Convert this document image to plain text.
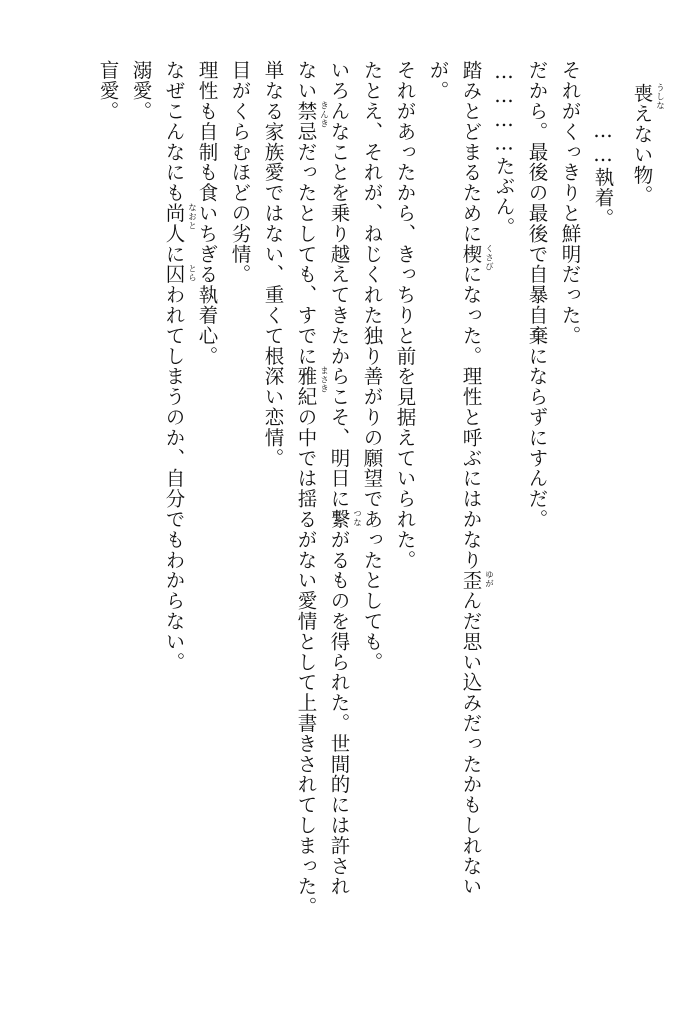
喪 うしな
えない物。
……執着。
それがくっきりと鮮明だった。
だから。最後の最後で自暴自棄にならずにすんだ。
…………たぶん。
踏みとどまるために楔 くさび
になった。理性と呼ぶにはかなり歪 ゆが
んだ思い込みだったかもしれない
が。
それがあったから、きっちりと前を見据えていられた。
たとえ、それが、ねじくれた独り善がりの願望であったとしても。
いろんなことを乗り越えてきたからこそ、明日に繋 つな
がるものを得られた。世間的には許され
ない禁忌 きんき
だったとしても、すでに雅紀 まさき
の中では揺るがない愛情として上書きされてしまった。
単なる家族愛ではない、重くて根深い恋情。
目がくらむほどの劣情。
理性も自制も食いちぎる執着心。
なぜこんなにも尚人 なおと
に囚 とら
われてしまうのか、自分でもわからない。
溺愛。
盲愛。
